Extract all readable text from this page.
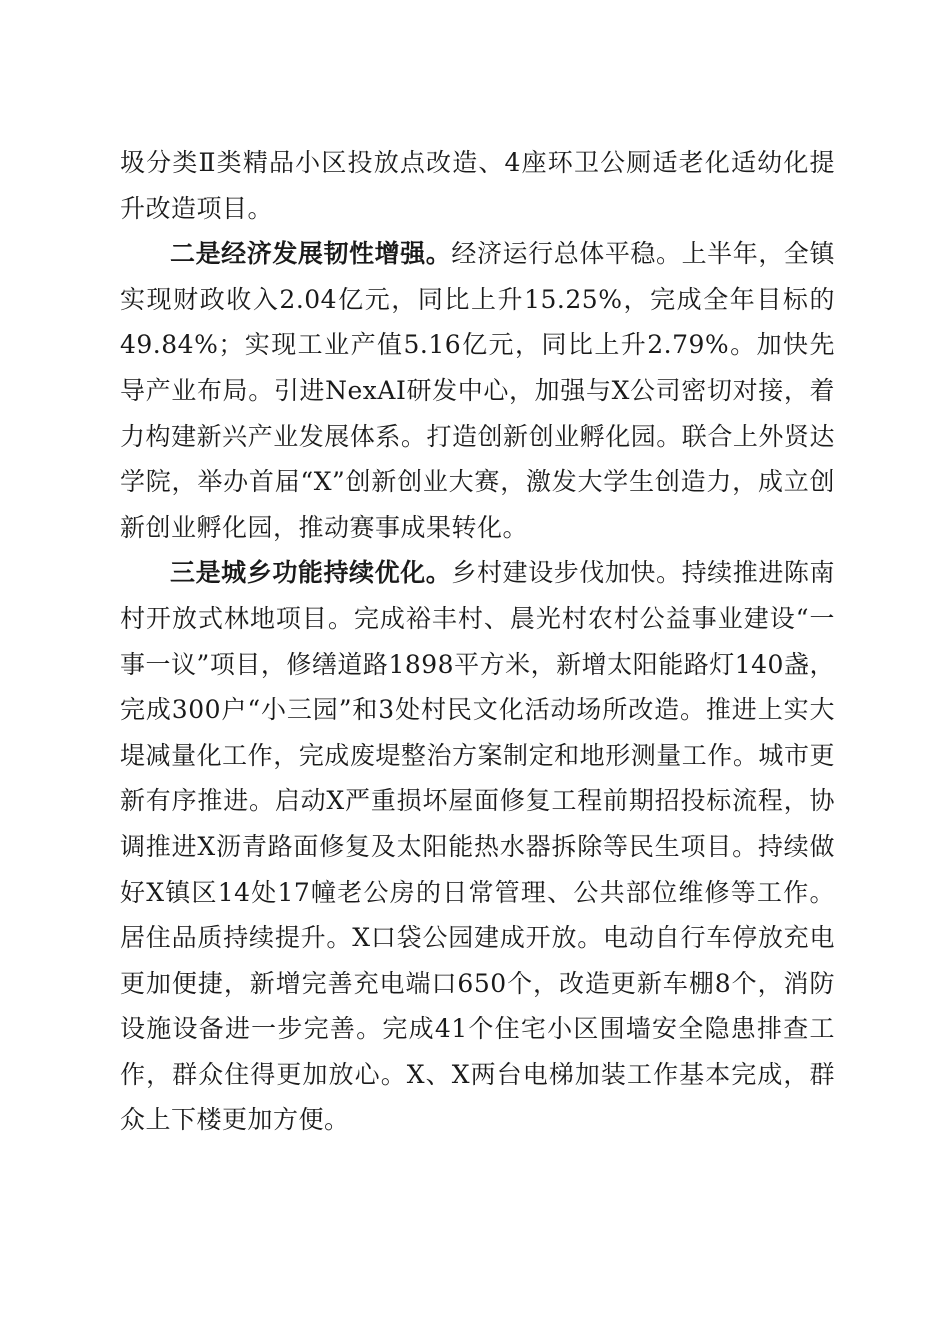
圾分类Ⅱ类精品小区投放点改造、4座环卫公厕适老化适幼化提升改造项目。

二是经济发展韧性增强。经济运行总体平稳。上半年，全镇实现财政收入2.04亿元，同比上升15.25%，完成全年目标的49.84%；实现工业产值5.16亿元，同比上升2.79%。加快先导产业布局。引进NexAI研发中心，加强与X公司密切对接，着力构建新兴产业发展体系。打造创新创业孵化园。联合上外贤达学院，举办首届“X”创新创业大赛，激发大学生创造力，成立创新创业孵化园，推动赛事成果转化。

三是城乡功能持续优化。乡村建设步伐加快。持续推进陈南村开放式林地项目。完成裕丰村、晨光村农村公益事业建设“一事一议”项目，修缮道路1898平方米，新增太阳能路灯140盏，完成300户“小三园”和3处村民文化活动场所改造。推进上实大堤减量化工作，完成废堤整治方案制定和地形测量工作。城市更新有序推进。启动X严重损坏屋面修复工程前期招投标流程，协调推进X沥青路面修复及太阳能热水器拆除等民生项目。持续做好X镇区14处17幢老公房的日常管理、公共部位维修等工作。居住品质持续提升。X口袋公园建成开放。电动自行车停放充电更加便捷，新增完善充电端口650个，改造更新车棚8个，消防设施设备进一步完善。完成41个住宅小区围墙安全隐患排查工作，群众住得更加放心。X、X两台电梯加装工作基本完成，群众上下楼更加方便。
